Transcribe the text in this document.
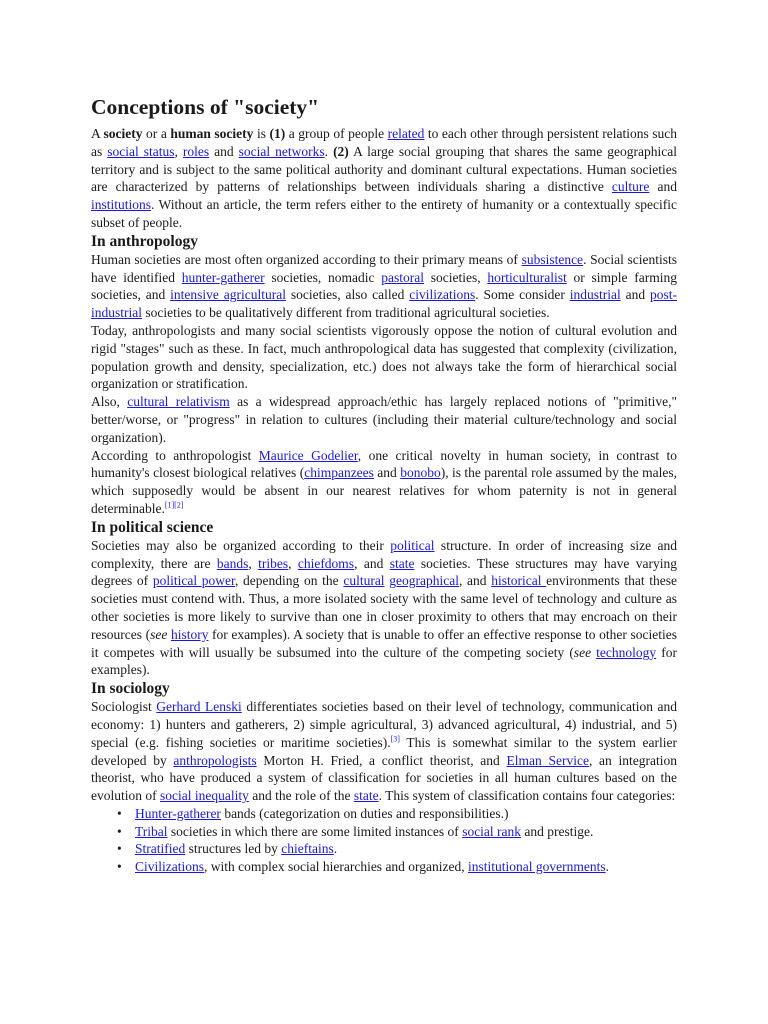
Conceptions of "society"

A society or a human society is (1) a group of people related to each other through persistent relations such as social status, roles and social networks. (2) A large social grouping that shares the same geographical territory and is subject to the same political authority and dominant cultural expectations. Human societies are characterized by patterns of relationships between individuals sharing a distinctive culture and institutions. Without an article, the term refers either to the entirety of humanity or a contextually specific subset of people.

In anthropology

Human societies are most often organized according to their primary means of subsistence. Social scientists have identified hunter-gatherer societies, nomadic pastoral societies, horticulturalist or simple farming societies, and intensive agricultural societies, also called civilizations. Some consider industrial and post-industrial societies to be qualitatively different from traditional agricultural societies.

Today, anthropologists and many social scientists vigorously oppose the notion of cultural evolution and rigid "stages" such as these. In fact, much anthropological data has suggested that complexity (civilization, population growth and density, specialization, etc.) does not always take the form of hierarchical social organization or stratification.

Also, cultural relativism as a widespread approach/ethic has largely replaced notions of "primitive," better/worse, or "progress" in relation to cultures (including their material culture/technology and social organization).

According to anthropologist Maurice Godelier, one critical novelty in human society, in contrast to humanity's closest biological relatives (chimpanzees and bonobo), is the parental role assumed by the males, which supposedly would be absent in our nearest relatives for whom paternity is not in general determinable.[1][2]

In political science

Societies may also be organized according to their political structure. In order of increasing size and complexity, there are bands, tribes, chiefdoms, and state societies. These structures may have varying degrees of political power, depending on the cultural geographical, and historical environments that these societies must contend with. Thus, a more isolated society with the same level of technology and culture as other societies is more likely to survive than one in closer proximity to others that may encroach on their resources (see history for examples). A society that is unable to offer an effective response to other societies it competes with will usually be subsumed into the culture of the competing society (see technology for examples).

In sociology

Sociologist Gerhard Lenski differentiates societies based on their level of technology, communication and economy: 1) hunters and gatherers, 2) simple agricultural, 3) advanced agricultural, 4) industrial, and 5) special (e.g. fishing societies or maritime societies).[3] This is somewhat similar to the system earlier developed by anthropologists Morton H. Fried, a conflict theorist, and Elman Service, an integration theorist, who have produced a system of classification for societies in all human cultures based on the evolution of social inequality and the role of the state. This system of classification contains four categories:

• Hunter-gatherer bands (categorization on duties and responsibilities.)
• Tribal societies in which there are some limited instances of social rank and prestige.
• Stratified structures led by chieftains.
• Civilizations, with complex social hierarchies and organized, institutional governments.
